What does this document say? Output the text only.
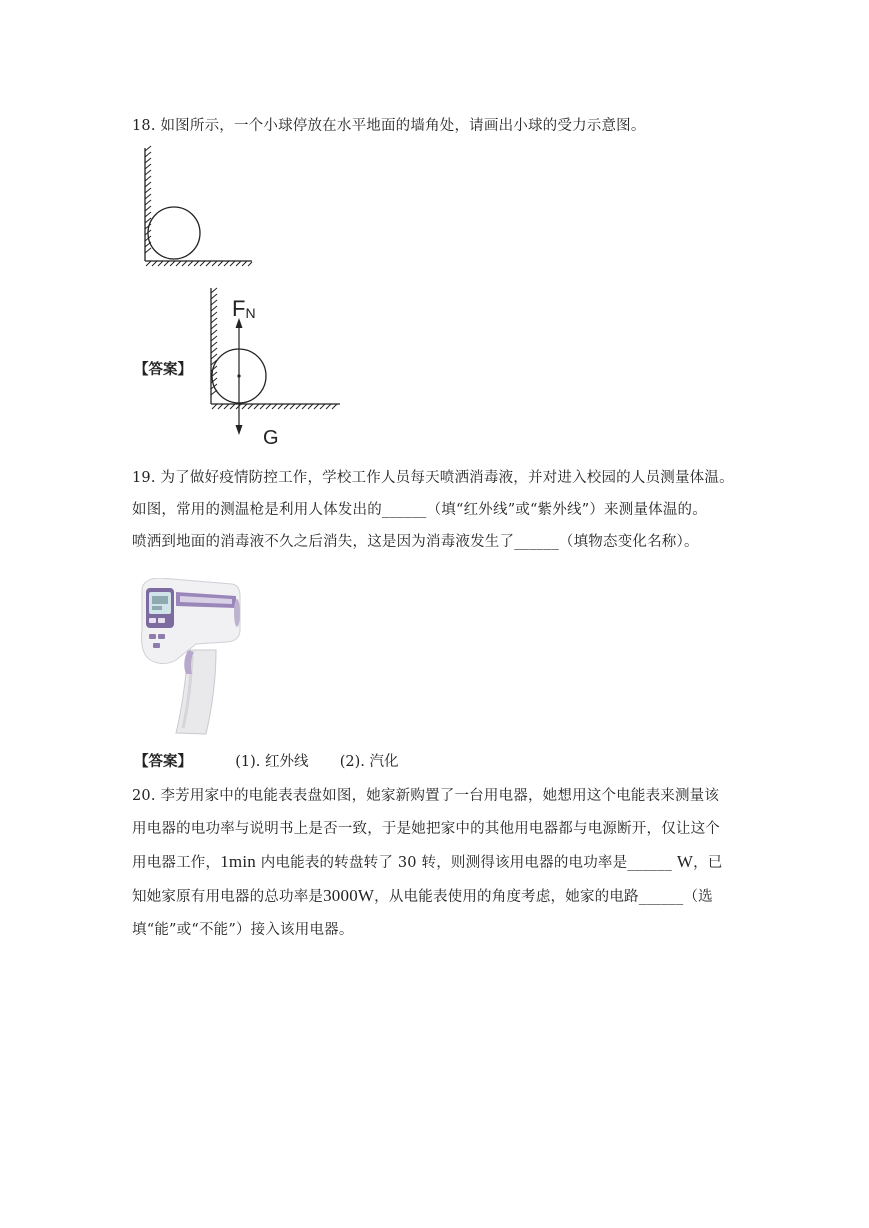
18. 如图所示，一个小球停放在水平地面的墙角处，请画出小球的受力示意图。
【答案】
FN
G
19. 为了做好疫情防控工作，学校工作人员每天喷洒消毒液，并对进入校园的人员测量体温。
如图，常用的测温枪是利用人体发出的______（填“红外线”或“紫外线”）来测量体温的。
喷洒到地面的消毒液不久之后消失，这是因为消毒液发生了______（填物态变化名称）。
【答案】	(1). 红外线 (2). 汽化
20. 李芳用家中的电能表表盘如图，她家新购置了一台用电器，她想用这个电能表来测量该
用电器的电功率与说明书上是否一致，于是她把家中的其他用电器都与电源断开，仅让这个
用电器工作，1min 内电能表的转盘转了 30 转，则测得该用电器的电功率是______ W，已
知她家原有用电器的总功率是3000W，从电能表使用的角度考虑，她家的电路______（选
填“能”或“不能”）接入该用电器。
